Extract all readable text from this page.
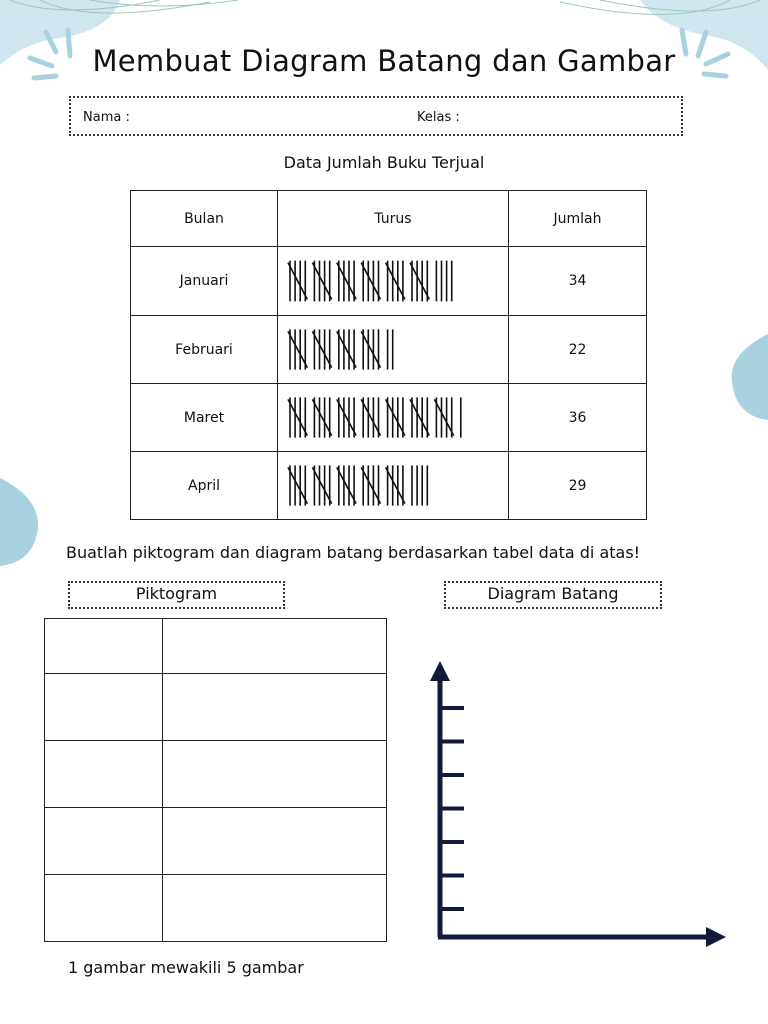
Membuat Diagram Batang dan Gambar
Nama :	Kelas :
Data Jumlah Buku Terjual
Bulan	Turus	Jumlah
Januari		34
Februari		22
Maret		36
April		29
Buatlah piktogram dan diagram batang berdasarkan tabel data di atas!
Piktogram	Diagram Batang

1 gambar mewakili 5 gambar
